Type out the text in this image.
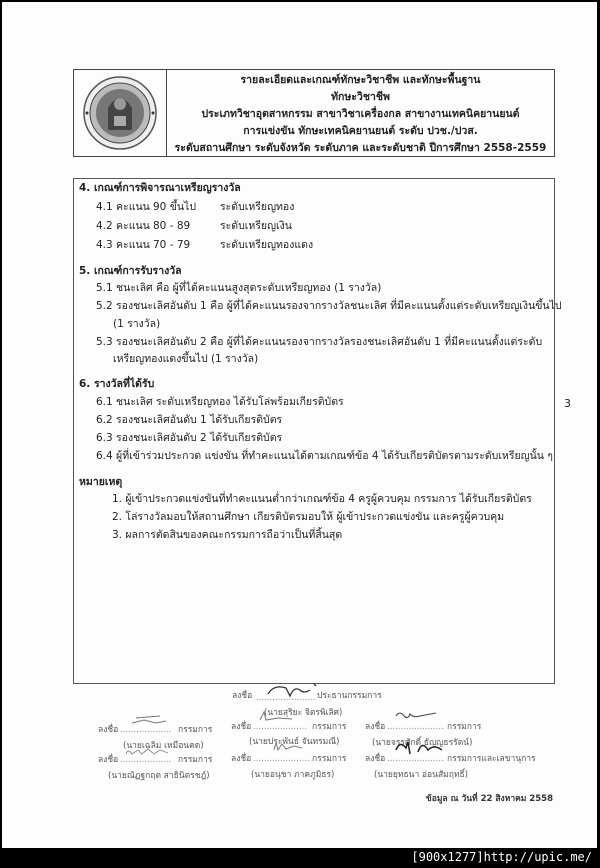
รายละเอียดและเกณฑ์ทักษะวิชาชีพ และทักษะพื้นฐาน
ทักษะวิชาชีพ
ประเภทวิชาอุตสาหกรรม สาขาวิชาเครื่องกล สาขางานเทคนิคยานยนต์
การแข่งขัน ทักษะเทคนิคยานยนต์ ระดับ ปวช./ปวส.
ระดับสถานศึกษา ระดับจังหวัด ระดับภาค และระดับชาติ ปีการศึกษา 2558-2559
4. เกณฑ์การพิจารณาเหรียญรางวัล
4.1 คะแนน 90 ขึ้นไป ระดับเหรียญทอง
4.2 คะแนน 80 - 89	ระดับเหรียญเงิน
4.3 คะแนน 70 - 79	ระดับเหรียญทองแดง
5. เกณฑ์การรับรางวัล
5.1 ชนะเลิศ คือ ผู้ที่ได้คะแนนสูงสุดระดับเหรียญทอง (1 รางวัล)
5.2 รองชนะเลิศอันดับ 1 คือ ผู้ที่ได้คะแนนรองจากรางวัลชนะเลิศ ที่มีคะแนนตั้งแต่ระดับเหรียญเงินขึ้นไป
(1 รางวัล)
5.3 รองชนะเลิศอันดับ 2 คือ ผู้ที่ได้คะแนนรองจากรางวัลรองชนะเลิศอันดับ 1 ที่มีคะแนนตั้งแต่ระดับ
เหรียญทองแดงขึ้นไป (1 รางวัล)
6. รางวัลที่ได้รับ
6.1 ชนะเลิศ ระดับเหรียญทอง ได้รับโล่พร้อมเกียรติบัตร
6.2 รองชนะเลิศอันดับ 1 ได้รับเกียรติบัตร
6.3 รองชนะเลิศอันดับ 2 ได้รับเกียรติบัตร
6.4 ผู้ที่เข้าร่วมประกวด แข่งขัน ที่ทำคะแนนได้ตามเกณฑ์ข้อ 4 ได้รับเกียรติบัตรตามระดับเหรียญนั้น ๆ
หมายเหตุ
1. ผู้เข้าประกวดแข่งขันที่ทำคะแนนต่ำกว่าเกณฑ์ข้อ 4 ครูผู้ควบคุม กรรมการ ได้รับเกียรติบัตร
2. โล่รางวัลมอบให้สถานศึกษา เกียรติบัตรมอบให้ ผู้เข้าประกวดแข่งขัน และครูผู้ควบคุม
3. ผลการตัดสินของคณะกรรมการถือว่าเป็นที่สิ้นสุด
3
ลงชื่อ ...................... ประธานกรรมการ
(นายสุริยะ จิตรพิเลิศ)
ลงชื่อ ................... กรรมการ
(นายเฉลิม เหมือนคด)
ลงชื่อ .................... กรรมการ
(นายประพันธ์ จันทรมณี)
ลงชื่อ ..................... กรรมการ
(นายจรรศักดิ์ ธัญญธรรัตน์)
ลงชื่อ ................... กรรมการ
(นายณัฏฐกฤต สาธินิตรชฎ์)
ลงชื่อ ..................... กรรมการ
(นายอนุชา ภาคภูมิธร)
ลงชื่อ ..................... กรรมการและเลขานุการ
(นายยุทธนา อ่อนสัมฤทธิ์)
ข้อมูล ณ วันที่ 22 สิงหาคม 2558
[900x1277]http://upic.me/
